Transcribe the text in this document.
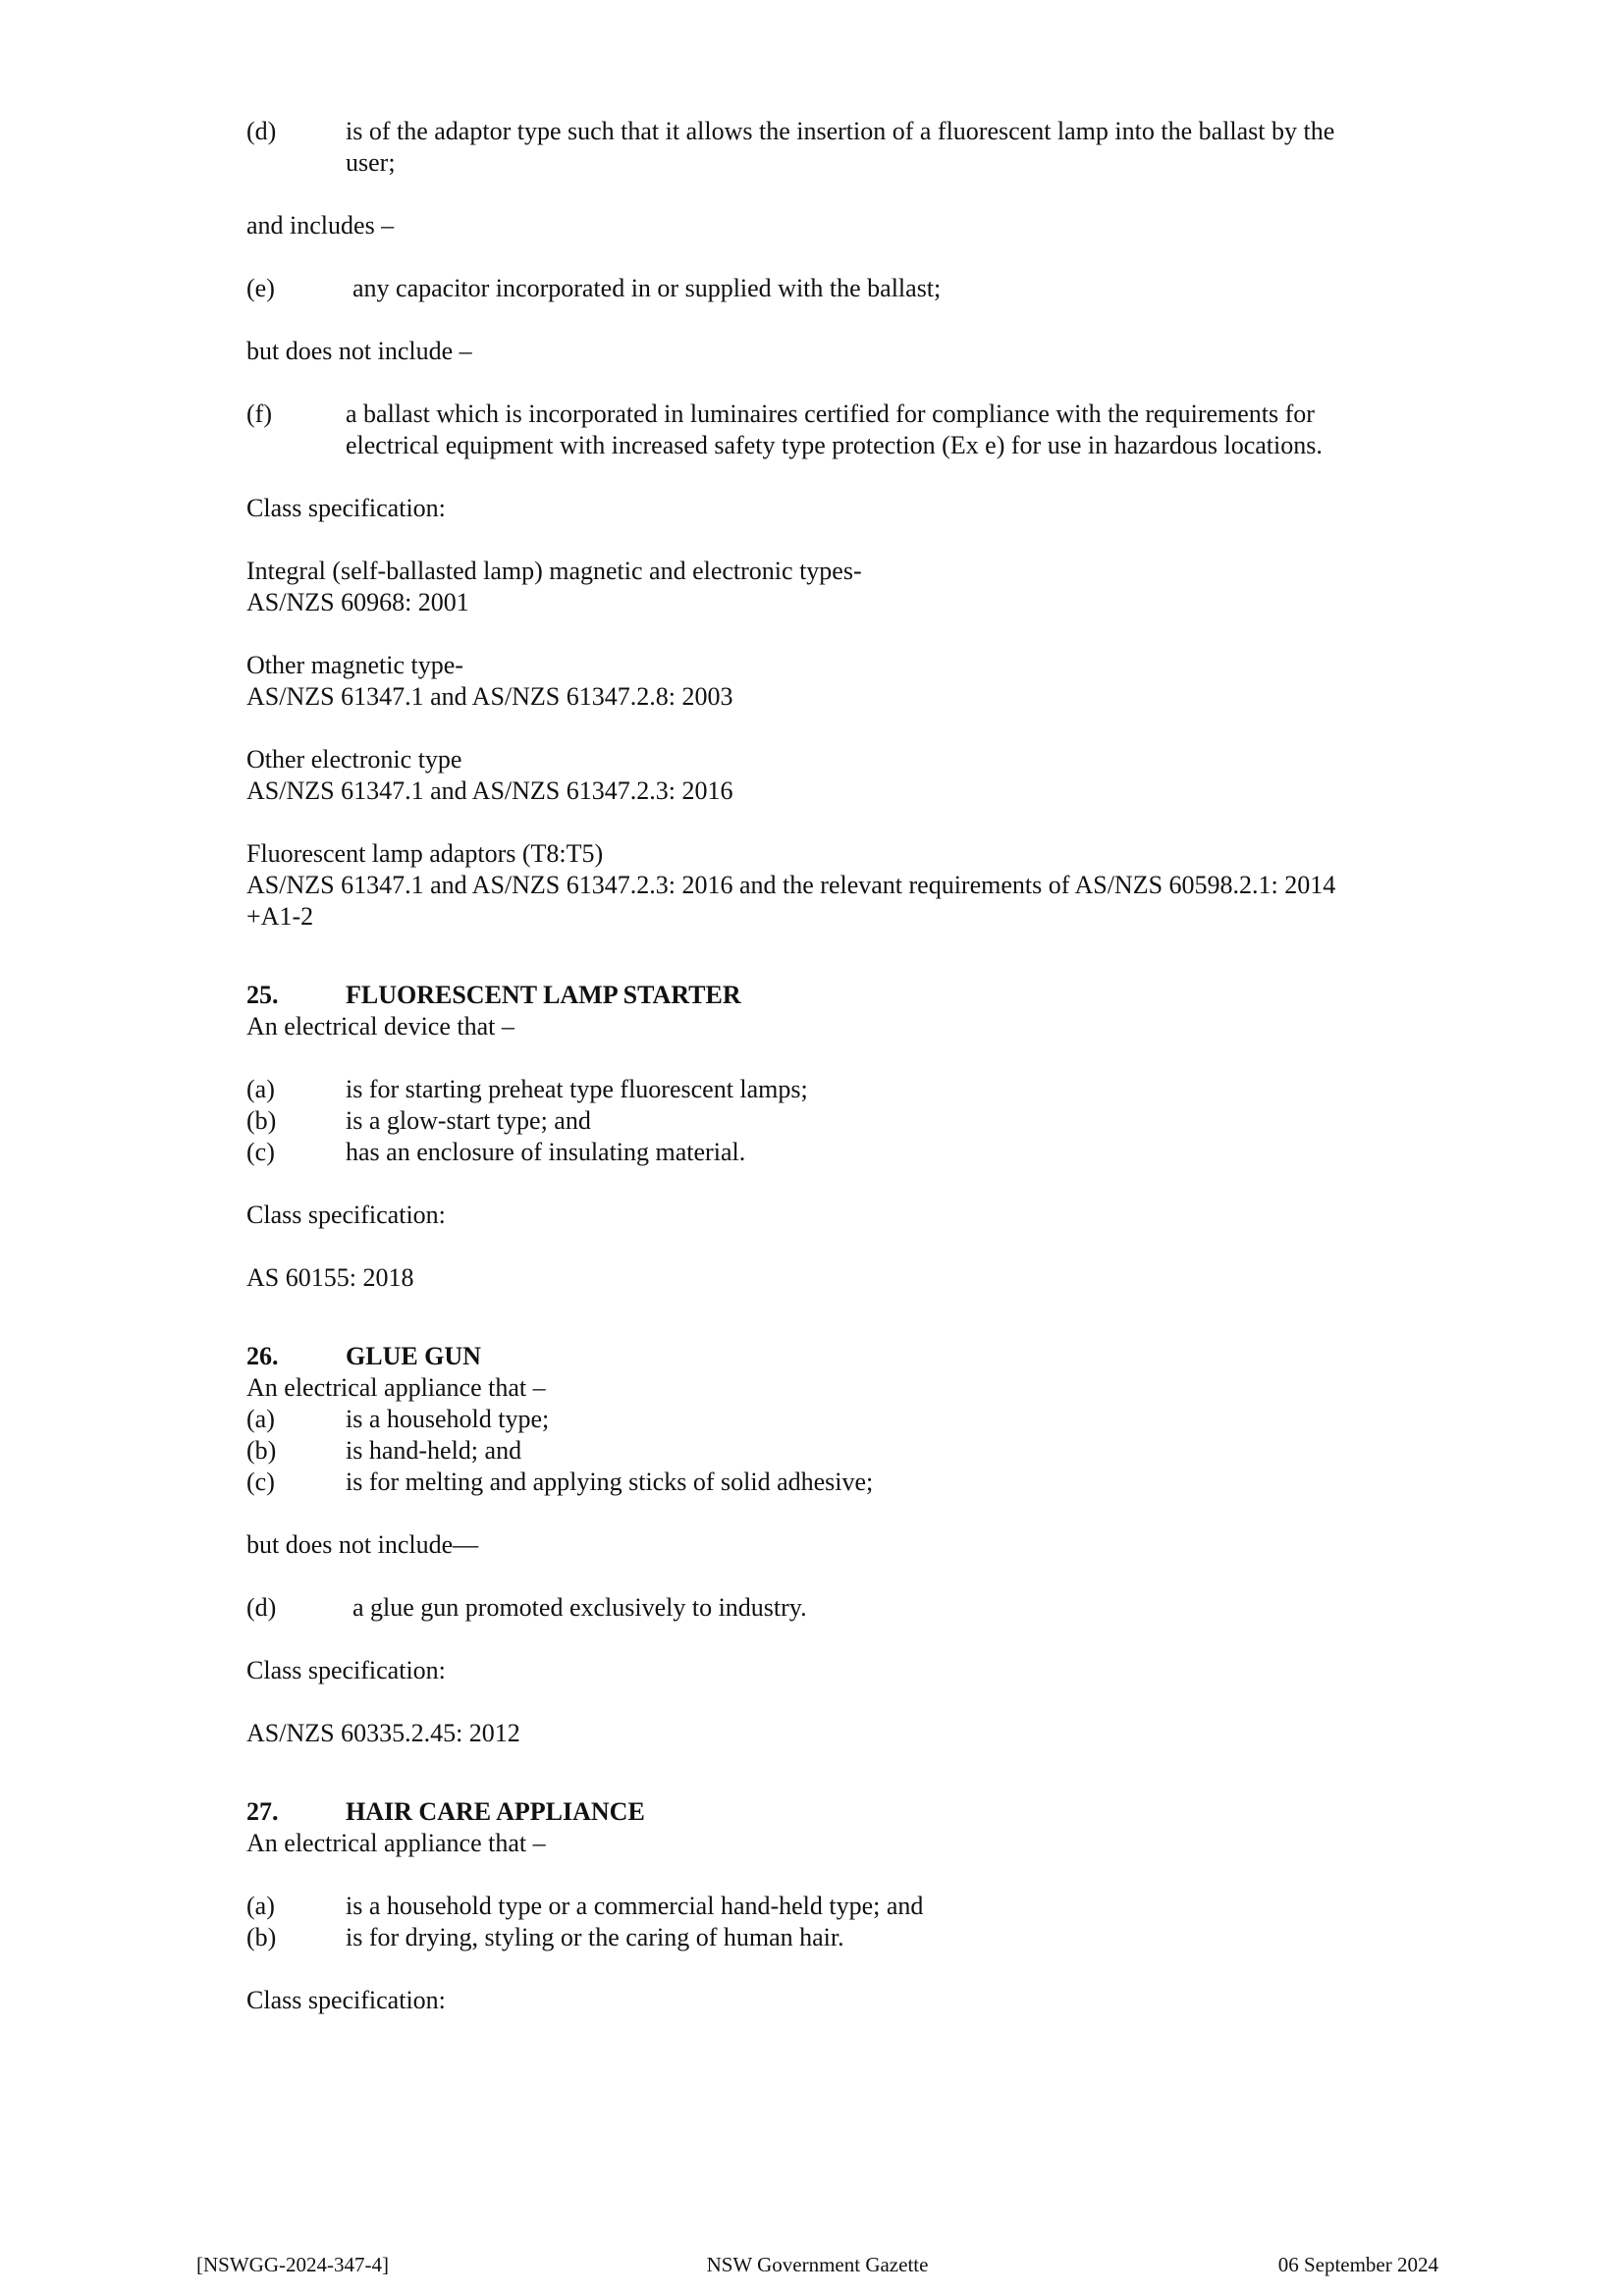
(d)	is of the adaptor type such that it allows the insertion of a fluorescent lamp into the ballast by the user;

and includes –

(e)	any capacitor incorporated in or supplied with the ballast;

but does not include –

(f)	a ballast which is incorporated in luminaires certified for compliance with the requirements for electrical equipment with increased safety type protection (Ex e) for use in hazardous locations.

Class specification:

Integral (self-ballasted lamp) magnetic and electronic types-

AS/NZS 60968: 2001

Other magnetic type-

AS/NZS 61347.1 and AS/NZS 61347.2.8: 2003

Other electronic type

AS/NZS 61347.1 and AS/NZS 61347.2.3: 2016

Fluorescent lamp adaptors (T8:T5)

AS/NZS 61347.1 and AS/NZS 61347.2.3: 2016 and the relevant requirements of AS/NZS 60598.2.1: 2014 +A1-2

25.	FLUORESCENT LAMP STARTER

An electrical device that –

(a)	is for starting preheat type fluorescent lamps;
(b)	is a glow-start type; and
(c)	has an enclosure of insulating material.

Class specification:

AS 60155: 2018

26.	GLUE GUN

An electrical appliance that –

(a)	is a household type;
(b)	is hand-held; and
(c)	is for melting and applying sticks of solid adhesive;

but does not include—

(d)	a glue gun promoted exclusively to industry.

Class specification:

AS/NZS 60335.2.45: 2012

27.	HAIR CARE APPLIANCE

An electrical appliance that –

(a)	is a household type or a commercial hand-held type; and
(b)	is for drying, styling or the caring of human hair.

Class specification:

[NSWGG-2024-347-4]	NSW Government Gazette	06 September 2024
